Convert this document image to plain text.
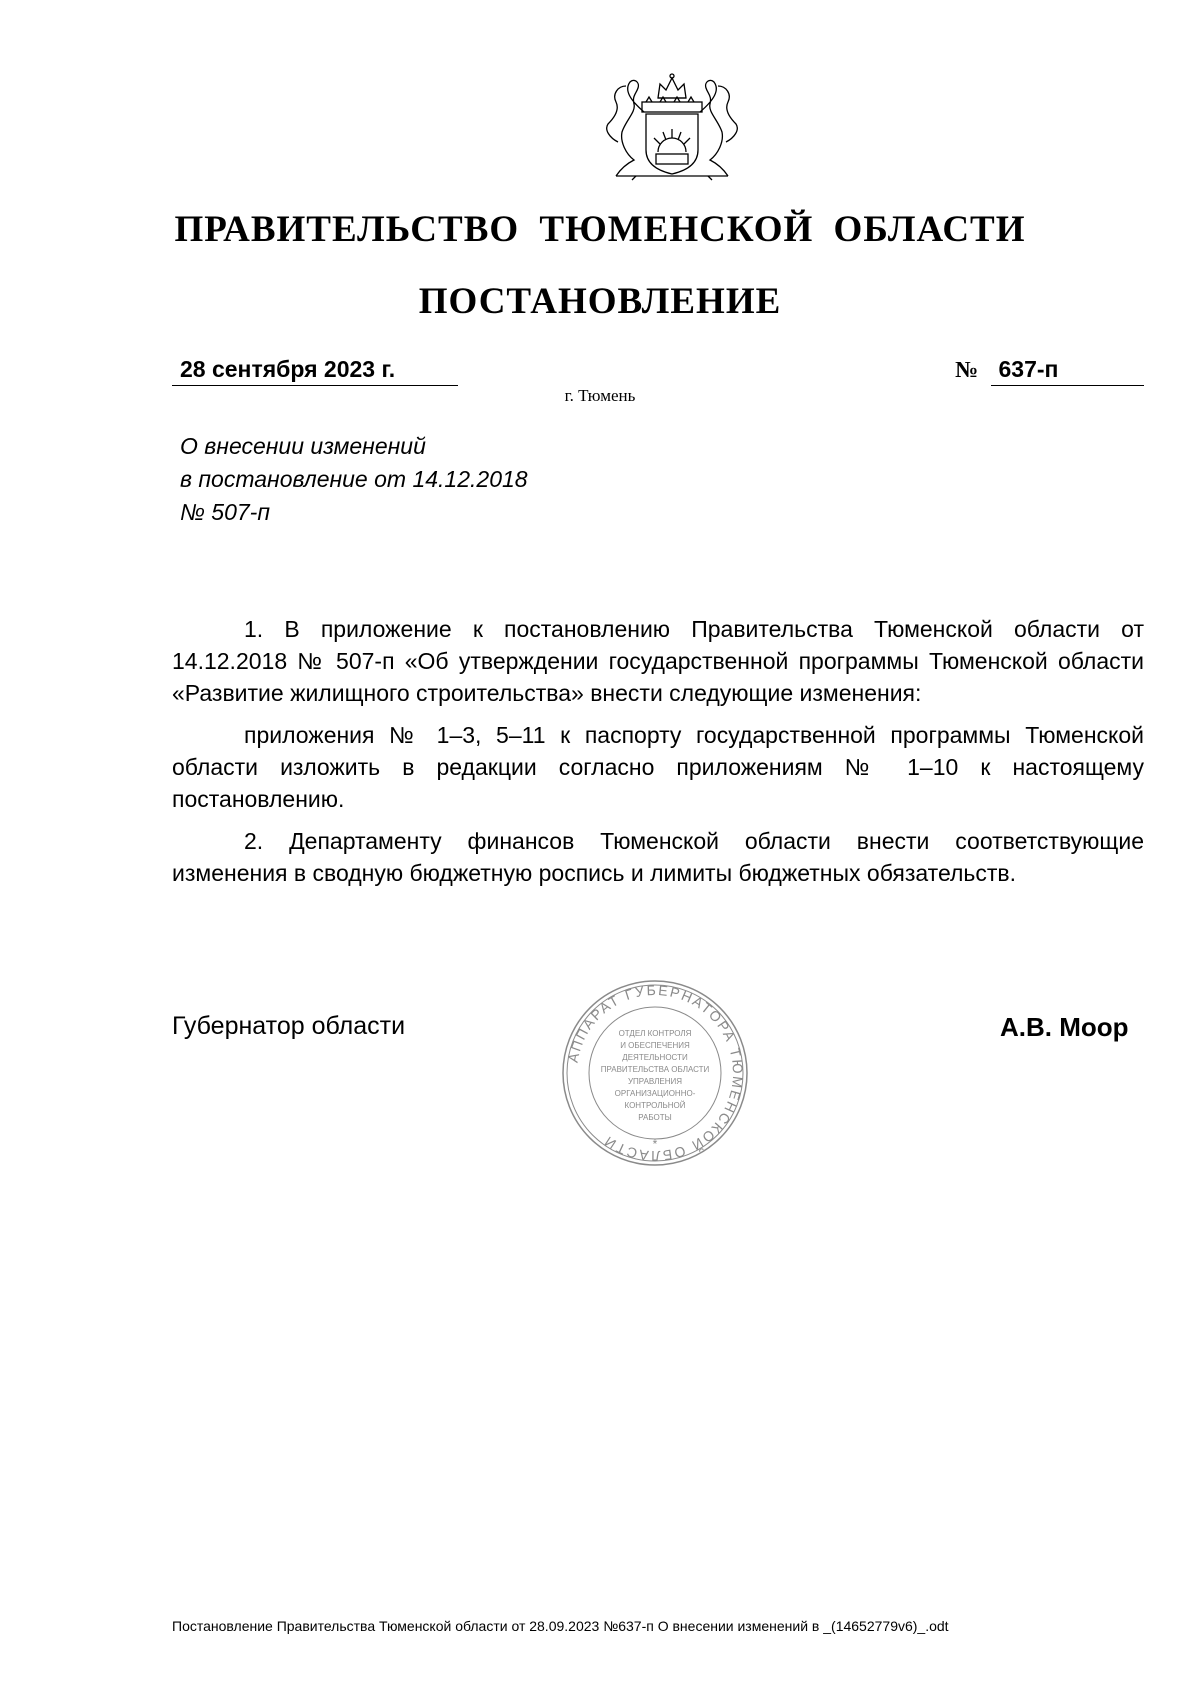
ПРАВИТЕЛЬСТВО ТЮМЕНСКОЙ ОБЛАСТИ
ПОСТАНОВЛЕНИЕ
28 сентября 2023 г.	№ 637-п
г. Тюмень
О внесении изменений
в постановление от 14.12.2018
№ 507-п

1. В приложение к постановлению Правительства Тюменской области от 14.12.2018 № 507-п «Об утверждении государственной программы Тюменской области «Развитие жилищного строительства» внести следующие изменения:

приложения № 1–3, 5–11 к паспорту государственной программы Тюменской области изложить в редакции согласно приложениям № 1–10 к настоящему постановлению.

2. Департаменту финансов Тюменской области внести соответствующие изменения в сводную бюджетную роспись и лимиты бюджетных обязательств.

Губернатор области
АППАРАТ ГУБЕРНАТОРА ТЮМЕНСКОЙ ОБЛАСТИ	*
ОТДЕЛ КОНТРОЛЯ
И ОБЕСПЕЧЕНИЯ
ДЕЯТЕЛЬНОСТИ
ПРАВИТЕЛЬСТВА ОБЛАСТИ
УПРАВЛЕНИЯ
ОРГАНИЗАЦИОННО-
КОНТРОЛЬНОЙ
РАБОТЫ
А.В. Моор
Постановление Правительства Тюменской области от 28.09.2023 №637-п О внесении изменений в _(14652779v6)_.odt
